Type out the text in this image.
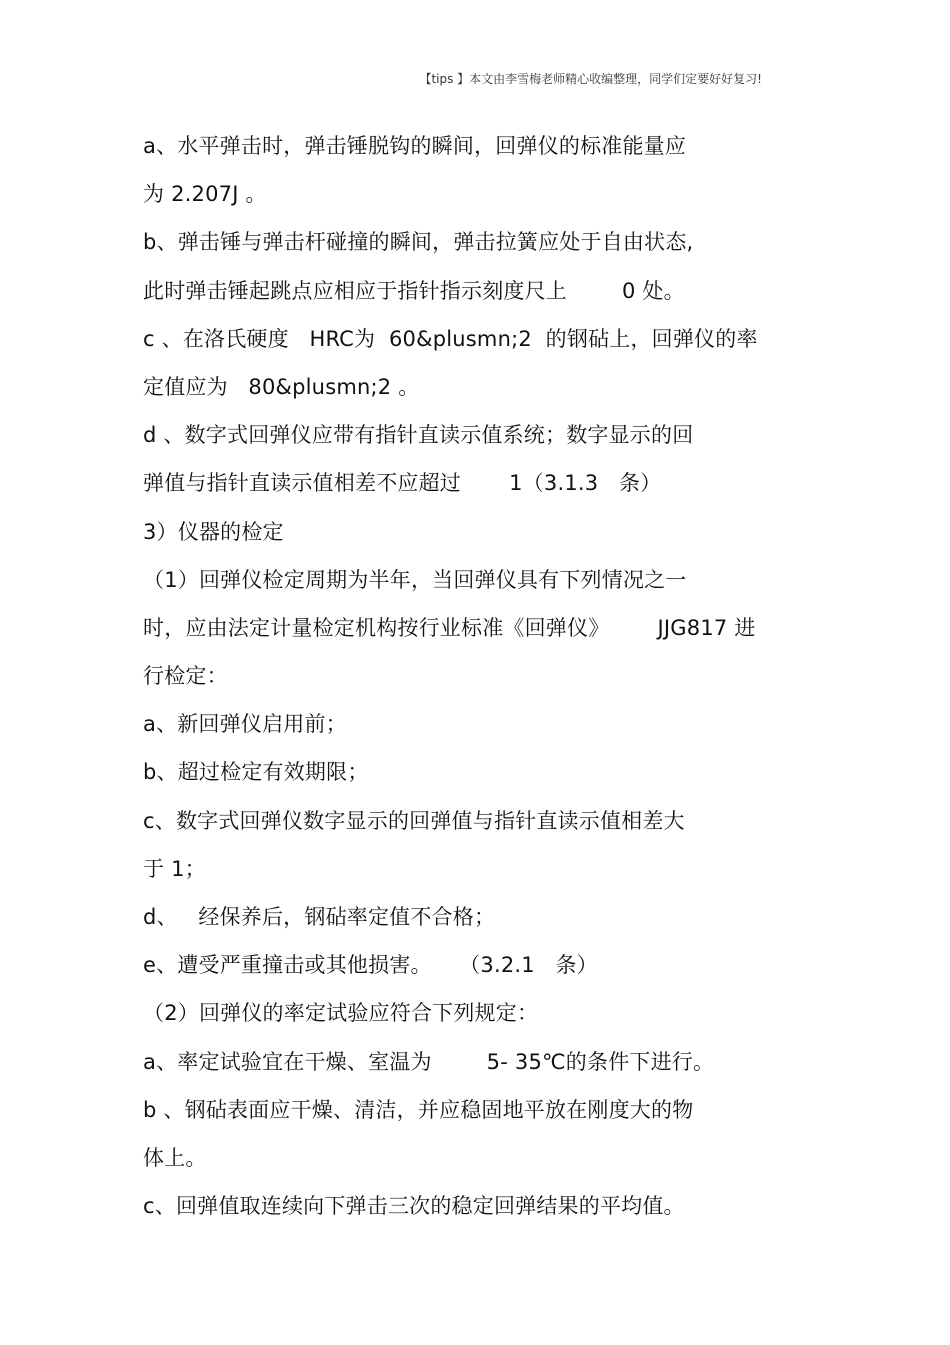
【tips 】本文由李雪梅老师精心收编整理，同学们定要好好复习!
a、水平弹击时，弹击锤脱钩的瞬间，回弹仪的标准能量应
为 2.207J 。
b、弹击锤与弹击杆碰撞的瞬间，弹击拉簧应处于自由状态,
此时弹击锤起跳点应相应于指针指示刻度尺上        0 处。
c 、在洛氏硬度   HRC为  60&plusmn;2  的钢砧上，回弹仪的率
定值应为   80&plusmn;2 。
d 、数字式回弹仪应带有指针直读示值系统；数字显示的回
弹值与指针直读示值相差不应超过       1（3.1.3   条）
3）仪器的检定
（1）回弹仪检定周期为半年，当回弹仪具有下列情况之一
时，应由法定计量检定机构按行业标准《回弹仪》       JJG817 进
行检定：
a、新回弹仪启用前；
b、超过检定有效期限；
c、数字式回弹仪数字显示的回弹值与指针直读示值相差大
于 1；
d、   经保养后，钢砧率定值不合格；
e、遭受严重撞击或其他损害。    （3.2.1   条）
（2）回弹仪的率定试验应符合下列规定：
a、率定试验宜在干燥、室温为        5- 35℃的条件下进行。
b 、钢砧表面应干燥、清洁，并应稳固地平放在刚度大的物
体上。
c、回弹值取连续向下弹击三次的稳定回弹结果的平均值。
